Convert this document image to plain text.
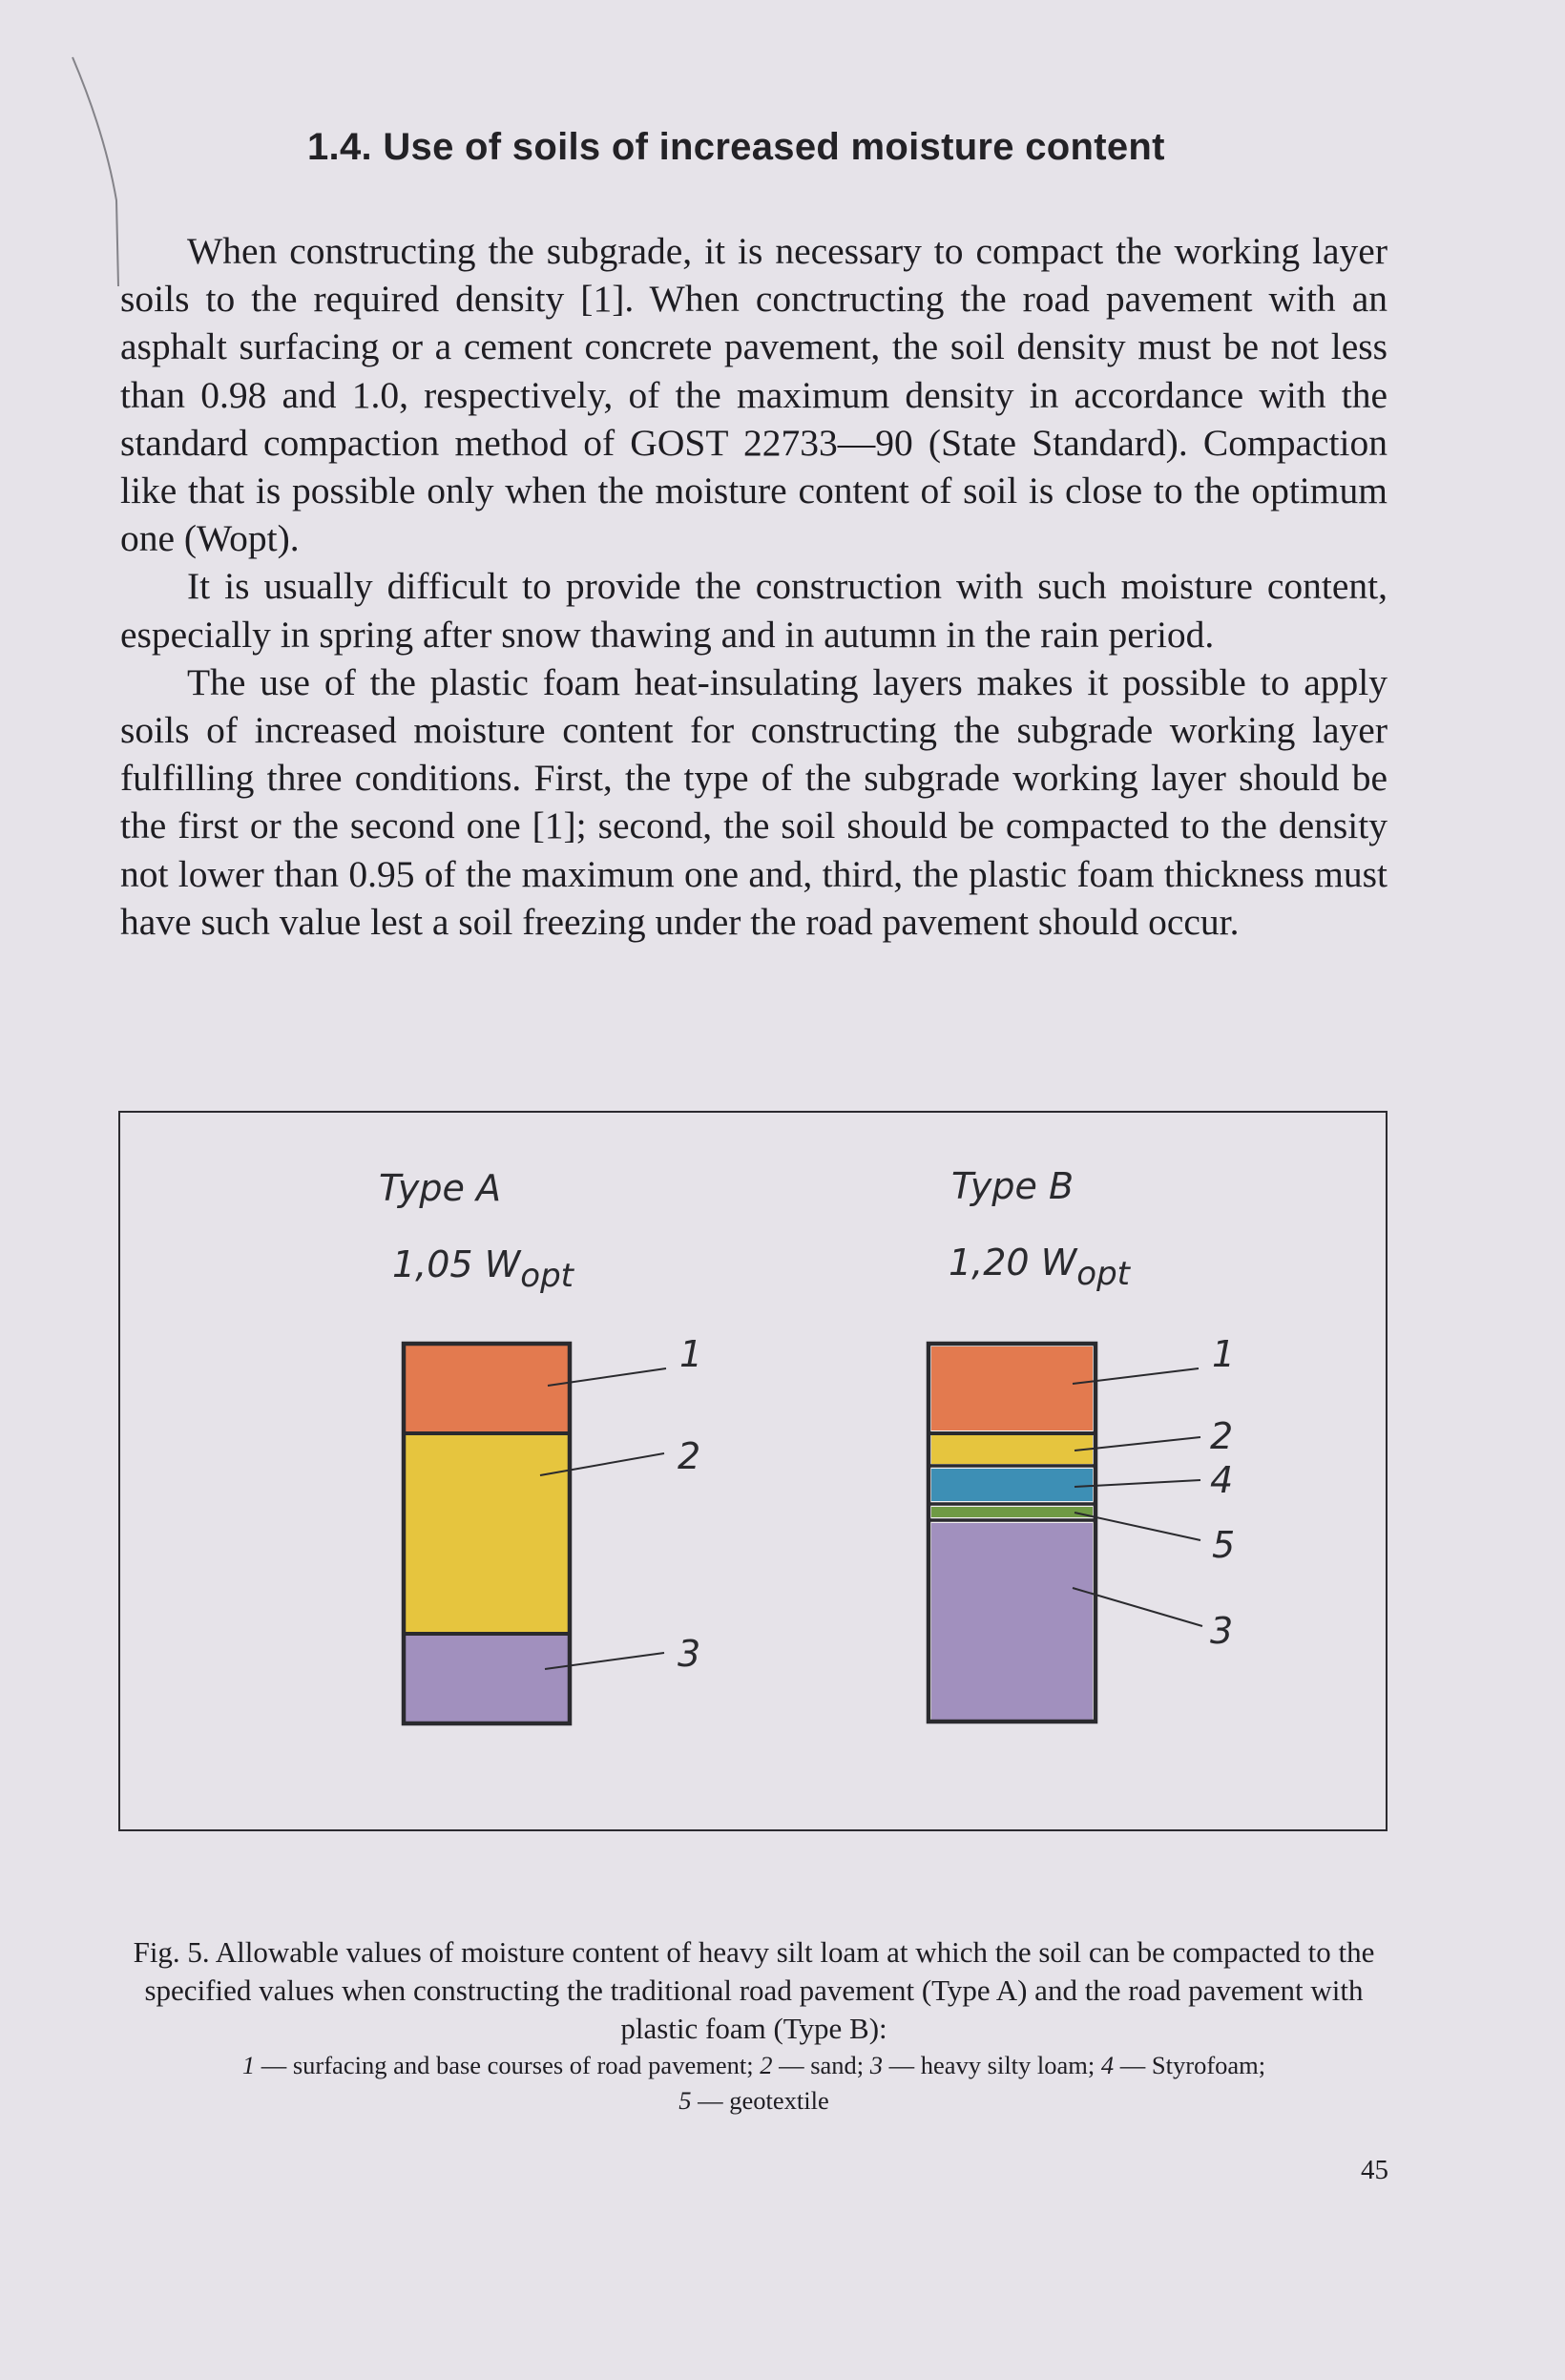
1.4. Use of soils of increased moisture content

When constructing the subgrade, it is necessary to compact the working layer soils to the required density [1]. When conctructing the road pavement with an asphalt surfacing or a cement concrete pavement, the soil density must be not less than 0.98 and 1.0, respectively, of the maximum density in accordance with the standard compaction method of GOST 22733—90 (State Standard). Compaction like that is possible only when the moisture content of soil is close to the optimum one (Wopt).

It is usually difficult to provide the construction with such moisture content, especially in spring after snow thawing and in autumn in the rain period.

The use of the plastic foam heat-insulating layers makes it possible to apply soils of increased moisture content for constructing the subgrade working layer fulfilling three conditions. First, the type of the subgrade working layer should be the first or the second one [1]; second, the soil should be compacted to the density not lower than 0.95 of the maximum one and, third, the plastic foam thickness must have such value lest a soil freezing under the road pavement should occur.

Type A
1,05 Wopt
Type B
1,20 Wopt
1
2
3
1
2
4
5
3
Fig. 5. Allowable values of moisture content of heavy silt loam at which the soil can be compacted to the specified values when constructing the traditional road pavement (Type A) and the road pavement with plastic foam (Type B):
1 — surfacing and base courses of road pavement; 2 — sand; 3 — heavy silty loam; 4 — Styrofoam;
5 — geotextile
45
